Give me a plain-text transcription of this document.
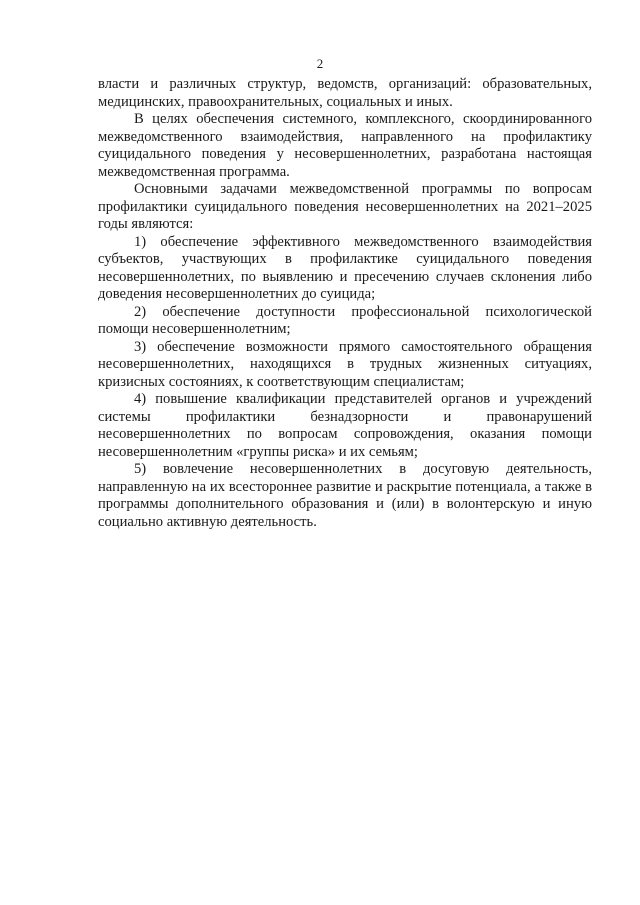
2

власти и различных структур, ведомств, организаций: образовательных, медицинских, правоохранительных, социальных и иных.

В целях обеспечения системного, комплексного, скоординированного межведомственного взаимодействия, направленного на профилактику суицидального поведения у несовершеннолетних, разработана настоящая межведомственная программа.

Основными задачами межведомственной программы по вопросам профилактики суицидального поведения несовершеннолетних на 2021–2025 годы являются:

1) обеспечение эффективного межведомственного взаимодействия субъектов, участвующих в профилактике суицидального поведения несовершеннолетних, по выявлению и пресечению случаев склонения либо доведения несовершеннолетних до суицида;

2) обеспечение доступности профессиональной психологической помощи несовершеннолетним;

3) обеспечение возможности прямого самостоятельного обращения несовершеннолетних, находящихся в трудных жизненных ситуациях, кризисных состояниях, к соответствующим специалистам;

4) повышение квалификации представителей органов и учреждений системы профилактики безнадзорности и правонарушений несовершеннолетних по вопросам сопровождения, оказания помощи несовершеннолетним «группы риска» и их семьям;

5) вовлечение несовершеннолетних в досуговую деятельность, направленную на их всестороннее развитие и раскрытие потенциала, а также в программы дополнительного образования и (или) в волонтерскую и иную социально активную деятельность.
